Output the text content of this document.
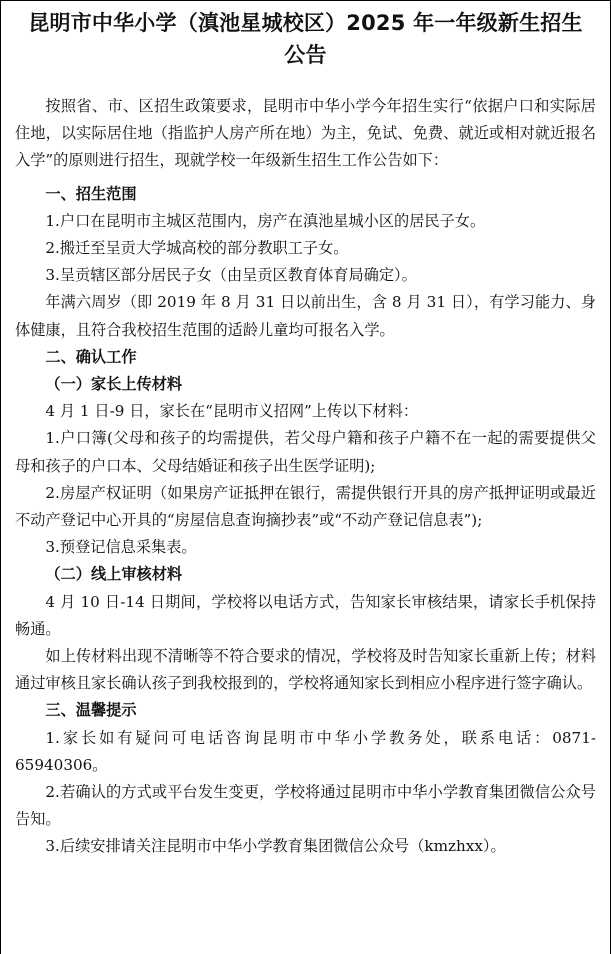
昆明市中华小学（滇池星城校区）2025 年一年级新生招生
公告

按照省、市、区招生政策要求，昆明市中华小学今年招生实行“依据户口和实际居住地，以实际居住地（指监护人房产所在地）为主，免试、免费、就近或相对就近报名入学”的原则进行招生，现就学校一年级新生招生工作公告如下：

一、招生范围

1.户口在昆明市主城区范围内，房产在滇池星城小区的居民子女。

2.搬迁至呈贡大学城高校的部分教职工子女。

3.呈贡辖区部分居民子女（由呈贡区教育体育局确定）。

年满六周岁（即 2019 年 8 月 31 日以前出生，含 8 月 31 日），有学习能力、身体健康，且符合我校招生范围的适龄儿童均可报名入学。

二、确认工作

（一）家长上传材料

4 月 1 日-9 日，家长在“昆明市义招网”上传以下材料：

1.户口簿(父母和孩子的均需提供，若父母户籍和孩子户籍不在一起的需要提供父母和孩子的户口本、父母结婚证和孩子出生医学证明);

2.房屋产权证明（如果房产证抵押在银行，需提供银行开具的房产抵押证明或最近不动产登记中心开具的“房屋信息查询摘抄表”或“不动产登记信息表”);

3.预登记信息采集表。

（二）线上审核材料

4 月 10 日-14 日期间，学校将以电话方式，告知家长审核结果，请家长手机保持畅通。

如上传材料出现不清晰等不符合要求的情况，学校将及时告知家长重新上传；材料通过审核且家长确认孩子到我校报到的，学校将通知家长到相应小程序进行签字确认。

三、温馨提示

1.家长如有疑问可电话咨询昆明市中华小学教务处，联系电话：0871-65940306。

2.若确认的方式或平台发生变更，学校将通过昆明市中华小学教育集团微信公众号告知。

3.后续安排请关注昆明市中华小学教育集团微信公众号（kmzhxx）。
